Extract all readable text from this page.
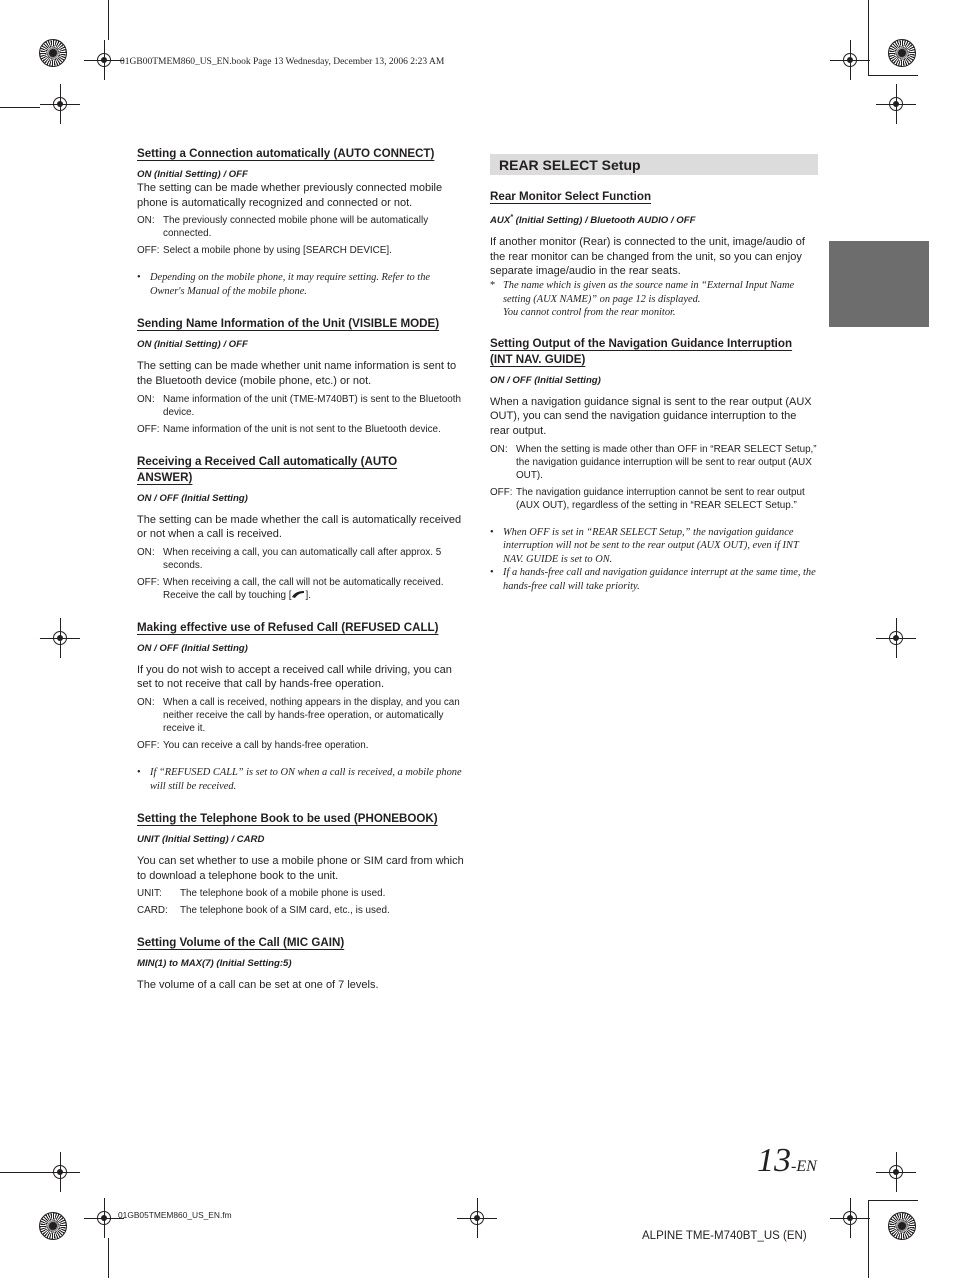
01GB00TMEM860_US_EN.book Page 13 Wednesday, December 13, 2006 2:23 AM
Setting a Connection automatically (AUTO CONNECT)

ON (Initial Setting) / OFF

The setting can be made whether previously connected mobile phone is automatically recognized and connected or not.

ON: The previously connected mobile phone will be automatically connected.
OFF: Select a mobile phone by using [SEARCH DEVICE].
• Depending on the mobile phone, it may require setting. Refer to the Owner's Manual of the mobile phone.
Sending Name Information of the Unit (VISIBLE MODE)

ON (Initial Setting) / OFF

The setting can be made whether unit name information is sent to the Bluetooth device (mobile phone, etc.) or not.

ON: Name information of the unit (TME-M740BT) is sent to the Bluetooth device.
OFF: Name information of the unit is not sent to the Bluetooth device.
Receiving a Received Call automatically (AUTO
ANSWER)

ON / OFF (Initial Setting)

The setting can be made whether the call is automatically received or not when a call is received.

ON: When receiving a call, you can automatically call after approx. 5 seconds.
OFF: When receiving a call, the call will not be automatically received. Receive the call by touching [ ].
Making effective use of Refused Call (REFUSED CALL)

ON / OFF (Initial Setting)

If you do not wish to accept a received call while driving, you can set to not receive that call by hands-free operation.

ON: When a call is received, nothing appears in the display, and you can neither receive the call by hands-free operation, or automatically receive it.
OFF: You can receive a call by hands-free operation.
• If “REFUSED CALL” is set to ON when a call is received, a mobile phone will still be received.
Setting the Telephone Book to be used (PHONEBOOK)

UNIT (Initial Setting) / CARD

You can set whether to use a mobile phone or SIM card from which to download a telephone book to the unit.

UNIT:	The telephone book of a mobile phone is used.
CARD:	The telephone book of a SIM card, etc., is used.
Setting Volume of the Call (MIC GAIN)

MIN(1) to MAX(7) (Initial Setting:5)

The volume of a call can be set at one of 7 levels.

REAR SELECT Setup
Rear Monitor Select Function

AUX* (Initial Setting) / Bluetooth AUDIO / OFF

If another monitor (Rear) is connected to the unit, image/audio of the rear monitor can be changed from the unit, so you can enjoy separate image/audio in the rear seats.

* The name which is given as the source name in “External Input Name setting (AUX NAME)” on page 12 is displayed.
You cannot control from the rear monitor.
Setting Output of the Navigation Guidance Interruption
(INT NAV. GUIDE)

ON / OFF (Initial Setting)

When a navigation guidance signal is sent to the rear output (AUX OUT), you can send the navigation guidance interruption to the rear output.

ON: When the setting is made other than OFF in “REAR SELECT Setup,” the navigation guidance interruption will be sent to rear output (AUX OUT).
OFF: The navigation guidance interruption cannot be sent to rear output (AUX OUT), regardless of the setting in “REAR SELECT Setup.”
• When OFF is set in “REAR SELECT Setup,” the navigation guidance interruption will not be sent to the rear output (AUX OUT), even if INT NAV. GUIDE is set to ON.
• If a hands-free call and navigation guidance interrupt at the same time, the hands-free call will take priority.
13-EN
01GB05TMEM860_US_EN.fm
ALPINE TME-M740BT_US (EN)
